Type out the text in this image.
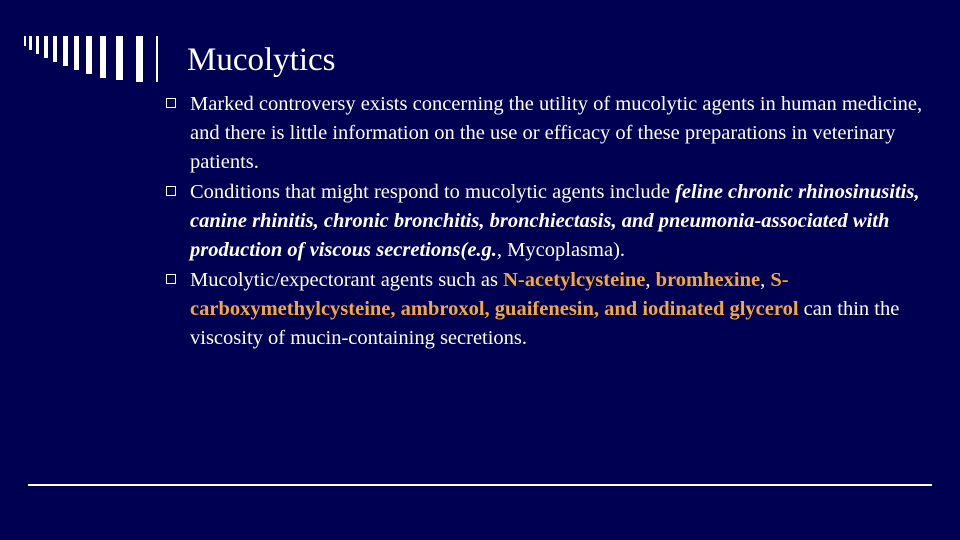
Mucolytics
Marked controversy exists concerning the utility of mucolytic agents in human medicine, and there is little information on the use or efficacy of these preparations in veterinary patients.
Conditions that might respond to mucolytic agents include feline chronic rhinosinusitis, canine rhinitis, chronic bronchitis, bronchiectasis, and pneumonia-associated with production of viscous secretions(e.g., Mycoplasma).
Mucolytic/expectorant agents such as N-acetylcysteine, bromhexine, S-carboxymethylcysteine, ambroxol, guaifenesin, and iodinated glycerol can thin the viscosity of mucin-containing secretions.
